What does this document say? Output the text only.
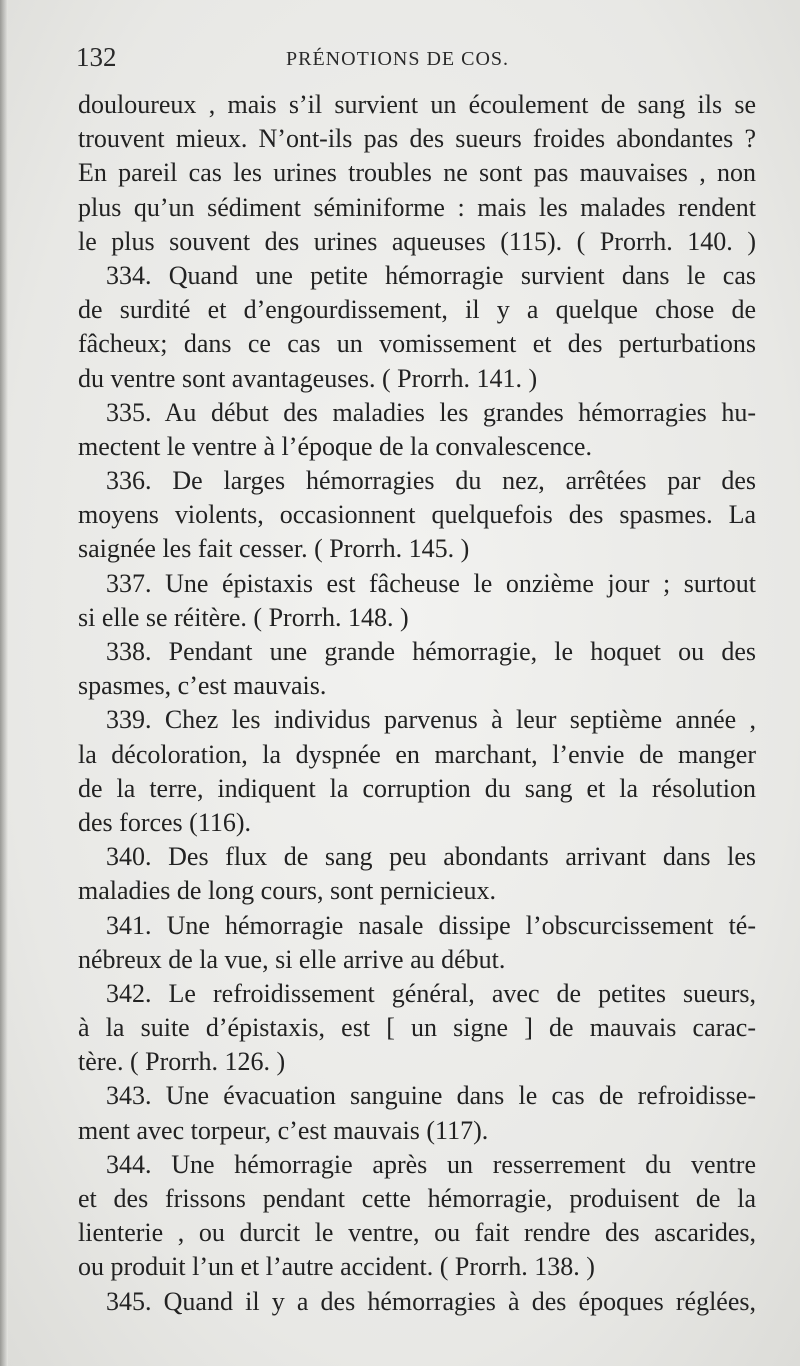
132	PRÉNOTIONS DE COS.
douloureux , mais s’il survient un écoulement de sang ils se
trouvent mieux. N’ont-ils pas des sueurs froides abondantes ?
En pareil cas les urines troubles ne sont pas mauvaises , non
plus qu’un sédiment séminiforme : mais les malades rendent
le plus souvent des urines aqueuses (115). ( Prorrh. 140. )
334. Quand une petite hémorragie survient dans le cas
de surdité et d’engourdissement, il y a quelque chose de
fâcheux; dans ce cas un vomissement et des perturbations
du ventre sont avantageuses. ( Prorrh. 141. )
335. Au début des maladies les grandes hémorragies hu-
mectent le ventre à l’époque de la convalescence.
336. De larges hémorragies du nez, arrêtées par des
moyens violents, occasionnent quelquefois des spasmes. La
saignée les fait cesser. ( Prorrh. 145. )
337. Une épistaxis est fâcheuse le onzième jour ; surtout
si elle se réitère. ( Prorrh. 148. )
338. Pendant une grande hémorragie, le hoquet ou des
spasmes, c’est mauvais.
339. Chez les individus parvenus à leur septième année ,
la décoloration, la dyspnée en marchant, l’envie de manger
de la terre, indiquent la corruption du sang et la résolution
des forces (116).
340. Des flux de sang peu abondants arrivant dans les
maladies de long cours, sont pernicieux.
341. Une hémorragie nasale dissipe l’obscurcissement té-
nébreux de la vue, si elle arrive au début.
342. Le refroidissement général, avec de petites sueurs,
à la suite d’épistaxis, est [ un signe ] de mauvais carac-
tère. ( Prorrh. 126. )
343. Une évacuation sanguine dans le cas de refroidisse-
ment avec torpeur, c’est mauvais (117).
344. Une hémorragie après un resserrement du ventre
et des frissons pendant cette hémorragie, produisent de la
lienterie , ou durcit le ventre, ou fait rendre des ascarides,
ou produit l’un et l’autre accident. ( Prorrh. 138. )
345. Quand il y a des hémorragies à des époques réglées,
